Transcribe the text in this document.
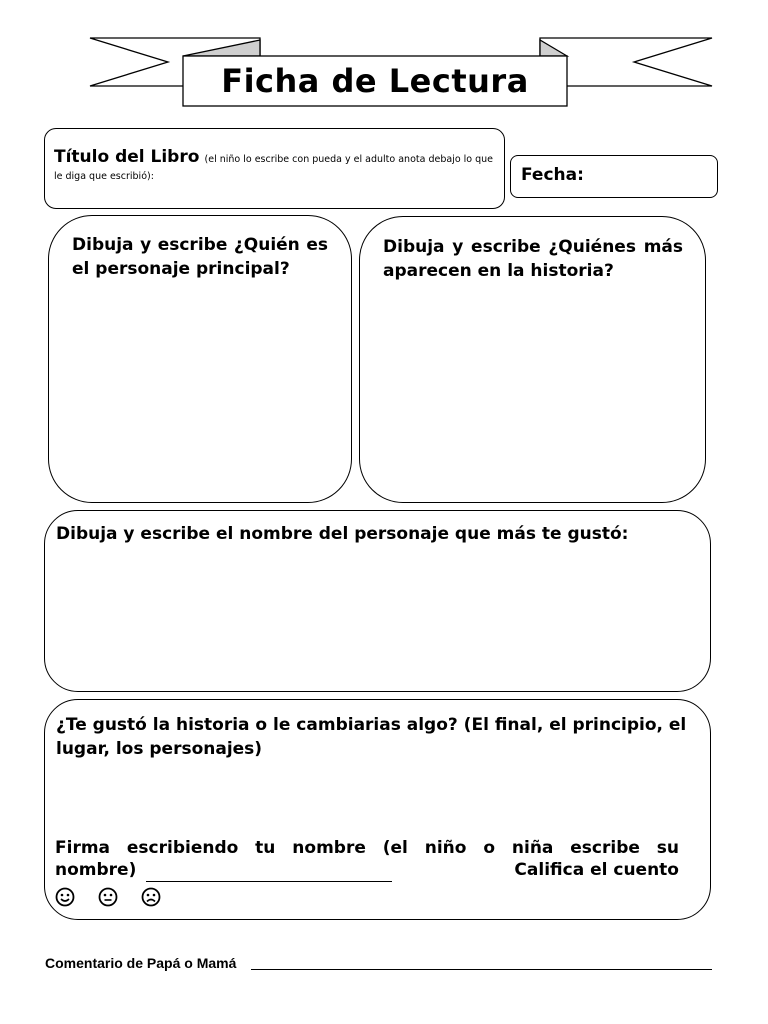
Ficha de Lectura
Título del Libro (el niño lo escribe con pueda y el adulto anota debajo lo que le diga que escribió):	Fecha:
Dibuja y escribe ¿Quién es el personaje principal?
Dibuja y escribe ¿Quiénes más aparecen en la historia?
Dibuja y escribe el nombre del personaje que más te gustó:
¿Te gustó la historia o le cambiarias algo? (El final, el principio, el lugar, los personajes)
Firma escribiendo tu nombre (el niño o niña escribe su
nombre)	Califica el cuento
Comentario de Papá o Mamá
